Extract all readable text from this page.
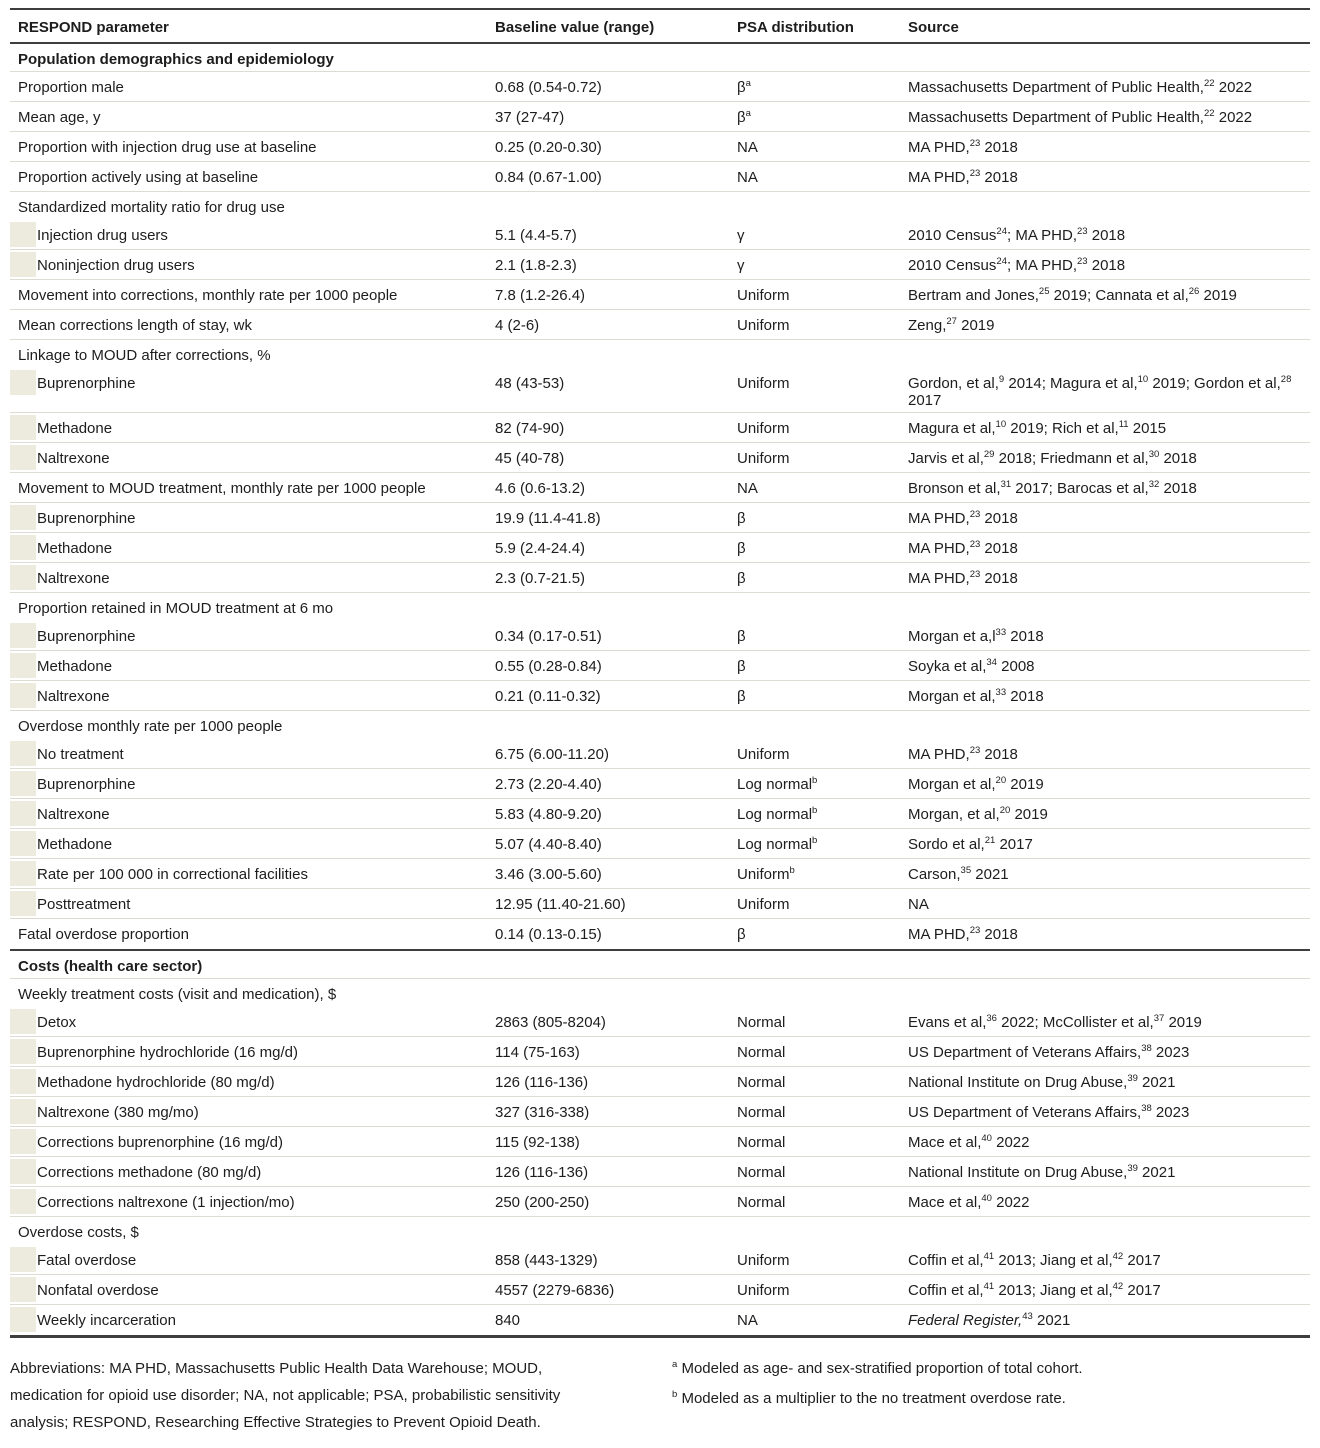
RESPOND parameter	Baseline value (range)	PSA distribution	Source
Population demographics and epidemiology
Proportion male	0.68 (0.54-0.72)	$\beta^a$	Massachusetts Department of Public Health,$^{22}$ 2022
Mean age, y	37 (27-47)	$\beta^a$	Massachusetts Department of Public Health,$^{22}$ 2022
Proportion with injection drug use at baseline	0.25 (0.20-0.30)	NA	MA PHD,$^{23}$ 2018
Proportion actively using at baseline	0.84 (0.67-1.00)	NA	MA PHD,$^{23}$ 2018
Standardized mortality ratio for drug use
Injection drug users	5.1 (4.4-5.7)	γ	2010 Census$^{24}$; MA PHD,$^{23}$ 2018
Noninjection drug users	2.1 (1.8-2.3)	γ	2010 Census$^{24}$; MA PHD,$^{23}$ 2018
Movement into corrections, monthly rate per 1000 people	7.8 (1.2-26.4)	Uniform	Bertram and Jones,$^{25}$ 2019; Cannata et al,$^{26}$ 2019
Mean corrections length of stay, wk	4 (2-6)	Uniform	Zeng,$^{27}$ 2019
Linkage to MOUD after corrections, %
Buprenorphine	48 (43-53)	Uniform	Gordon, et al,$^9$ 2014; Magura et al,$^{10}$ 2019; Gordon et al,$^{28}$ 2017
Methadone	82 (74-90)	Uniform	Magura et al,$^{10}$ 2019; Rich et al,$^{11}$ 2015
Naltrexone	45 (40-78)	Uniform	Jarvis et al,$^{29}$ 2018; Friedmann et al,$^{30}$ 2018
Movement to MOUD treatment, monthly rate per 1000 people	4.6 (0.6-13.2)	NA	Bronson et al,$^{31}$ 2017; Barocas et al,$^{32}$ 2018
Buprenorphine	19.9 (11.4-41.8)	β	MA PHD,$^{23}$ 2018
Methadone	5.9 (2.4-24.4)	β	MA PHD,$^{23}$ 2018
Naltrexone	2.3 (0.7-21.5)	β	MA PHD,$^{23}$ 2018
Proportion retained in MOUD treatment at 6 mo
Buprenorphine	0.34 (0.17-0.51)	β	Morgan et $a,l^{33}$ 2018
Methadone	0.55 (0.28-0.84)	β	Soyka et al,$^{34}$ 2008
Naltrexone	0.21 (0.11-0.32)	β	Morgan et al,$^{33}$ 2018
Overdose monthly rate per 1000 people
No treatment	6.75 (6.00-11.20)	Uniform	MA PHD,$^{23}$ 2018
Buprenorphine	2.73 (2.20-4.40)	Log normal$^b$	Morgan et al,$^{20}$ 2019
Naltrexone	5.83 (4.80-9.20)	Log normal$^b$	Morgan, et al,$^{20}$ 2019
Methadone	5.07 (4.40-8.40)	Log normal$^b$	Sordo et al,$^{21}$ 2017
Rate per 100 000 in correctional facilities	3.46 (3.00-5.60)	Uniform$^b$	Carson,$^{35}$ 2021
Posttreatment	12.95 (11.40-21.60)	Uniform	NA
Fatal overdose proportion	0.14 (0.13-0.15)	β	MA PHD,$^{23}$ 2018
Costs (health care sector)
Weekly treatment costs (visit and medication), $
Detox	2863 (805-8204)	Normal	Evans et al,$^{36}$ 2022; McCollister et al,$^{37}$ 2019
Buprenorphine hydrochloride (16 mg/d)	114 (75-163)	Normal	US Department of Veterans Affairs,$^{38}$ 2023
Methadone hydrochloride (80 mg/d)	126 (116-136)	Normal	National Institute on Drug Abuse,$^{39}$ 2021
Naltrexone (380 mg/mo)	327 (316-338)	Normal	US Department of Veterans Affairs,$^{38}$ 2023
Corrections buprenorphine (16 mg/d)	115 (92-138)	Normal	Mace et al,$^{40}$ 2022
Corrections methadone (80 mg/d)	126 (116-136)	Normal	National Institute on Drug Abuse,$^{39}$ 2021
Corrections naltrexone (1 injection/mo)	250 (200-250)	Normal	Mace et al,$^{40}$ 2022
Overdose costs, $
Fatal overdose	858 (443-1329)	Uniform	Coffin et al,$^{41}$ 2013; Jiang et al,$^{42}$ 2017
Nonfatal overdose	4557 (2279-6836)	Uniform	Coffin et al,$^{41}$ 2013; Jiang et al,$^{42}$ 2017
Weekly incarceration	840	NA	Federal Register,$^{43}$ 2021

Abbreviations: MA PHD, Massachusetts Public Health Data Warehouse; MOUD, medication for opioid use disorder; NA, not applicable; PSA, probabilistic sensitivity analysis; RESPOND, Researching Effective Strategies to Prevent Opioid Death.

$^a$ Modeled as age- and sex-stratified proportion of total cohort.

$^b$ Modeled as a multiplier to the no treatment overdose rate.
